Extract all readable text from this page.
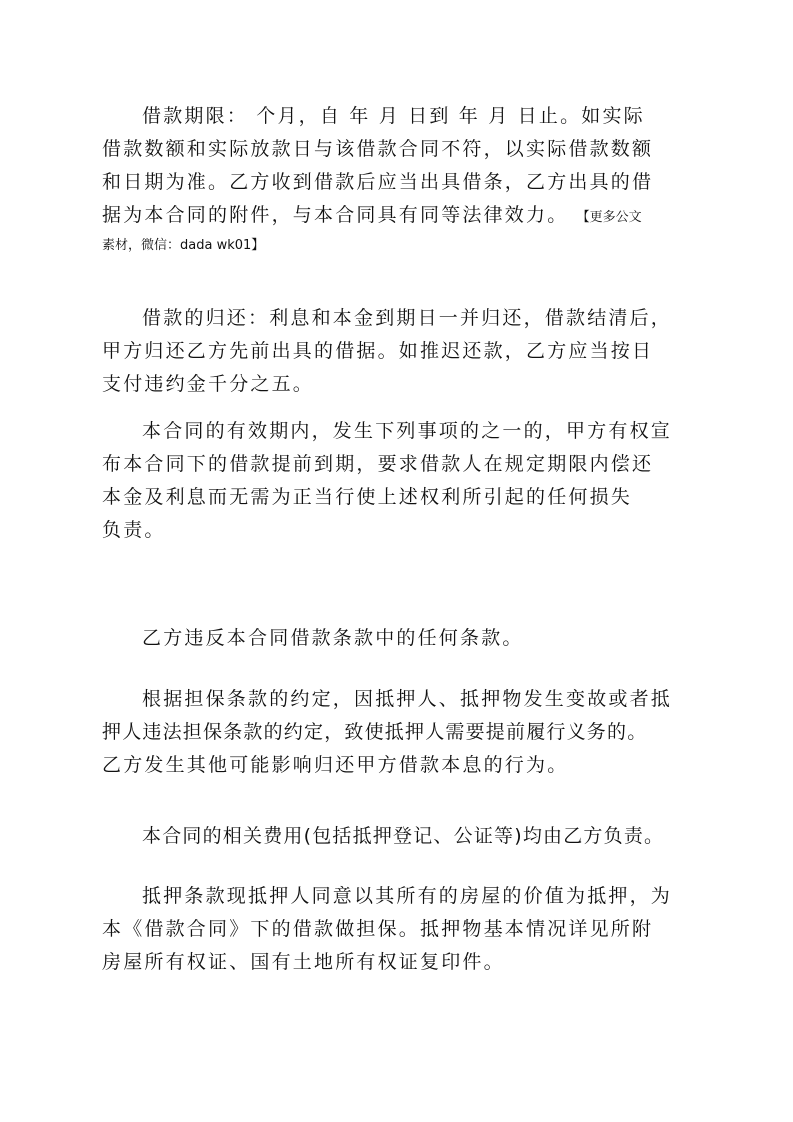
借款期限： 个月，自 年 月 日到 年 月 日止。如实际
借款数额和实际放款日与该借款合同不符，以实际借款数额
和日期为准。乙方收到借款后应当出具借条，乙方出具的借
据为本合同的附件，与本合同具有同等法律效力。 【更多公文
素材，微信：dada wk01】

借款的归还：利息和本金到期日一并归还，借款结清后，
甲方归还乙方先前出具的借据。如推迟还款，乙方应当按日
支付违约金千分之五。

本合同的有效期内，发生下列事项的之一的，甲方有权宣
布本合同下的借款提前到期，要求借款人在规定期限内偿还
本金及利息而无需为正当行使上述权利所引起的任何损失
负责。

乙方违反本合同借款条款中的任何条款。

根据担保条款的约定，因抵押人、抵押物发生变故或者抵
押人违法担保条款的约定，致使抵押人需要提前履行义务的。
乙方发生其他可能影响归还甲方借款本息的行为。

本合同的相关费用(包括抵押登记、公证等)均由乙方负责。

抵押条款现抵押人同意以其所有的房屋的价值为抵押，为
本《借款合同》下的借款做担保。抵押物基本情况详见所附
房屋所有权证、国有土地所有权证复印件。
